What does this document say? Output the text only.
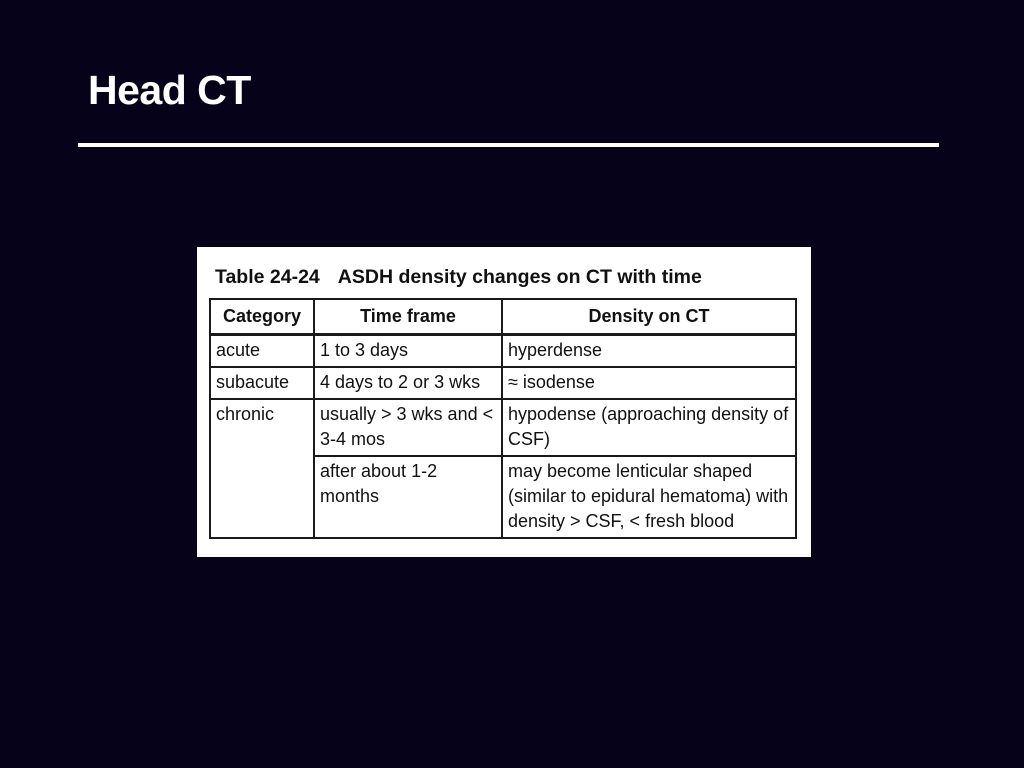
Head CT
Table 24-24 ASDH density changes on CT with time
Category	Time frame	Density on CT
acute	1 to 3 days	hyperdense
subacute	4 days to 2 or 3 wks	≈ isodense
chronic	usually > 3 wks and < 3-4 mos	hypodense (approaching density of CSF)
	after about 1-2 months	may become lenticular shaped (similar to epidural hematoma) with density > CSF, < fresh blood
